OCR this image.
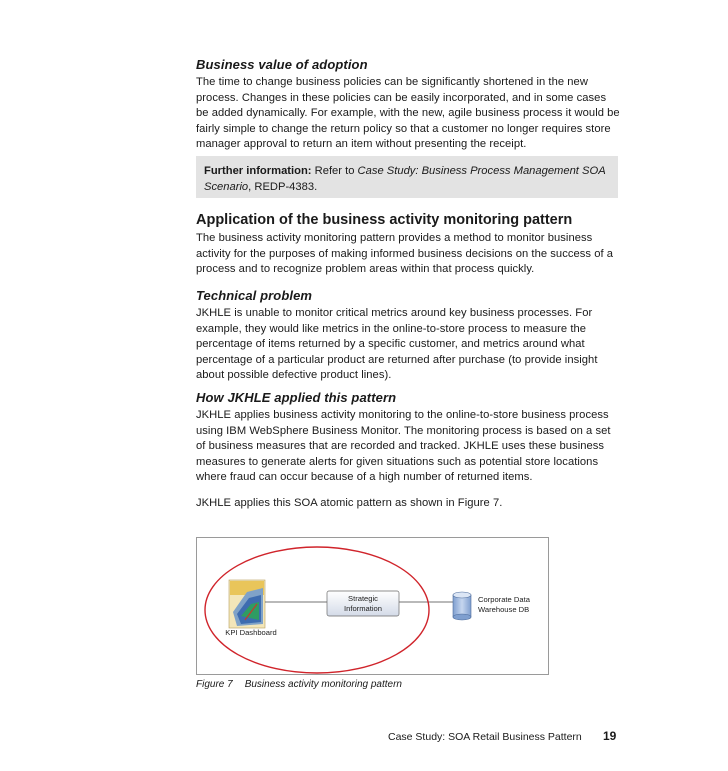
Business value of adoption

The time to change business policies can be significantly shortened in the new process. Changes in these policies can be easily incorporated, and in some cases be added dynamically. For example, with the new, agile business process it would be fairly simple to change the return policy so that a customer no longer requires store manager approval to return an item without presenting the receipt.

Further information: Refer to Case Study: Business Process Management SOA Scenario, REDP-4383.

Application of the business activity monitoring pattern

The business activity monitoring pattern provides a method to monitor business activity for the purposes of making informed business decisions on the success of a process and to recognize problem areas within that process quickly.

Technical problem

JKHLE is unable to monitor critical metrics around key business processes. For example, they would like metrics in the online-to-store process to measure the percentage of items returned by a specific customer, and metrics around what percentage of a particular product are returned after purchase (to provide insight about possible defective product lines).

How JKHLE applied this pattern

JKHLE applies business activity monitoring to the online-to-store business process using IBM WebSphere Business Monitor. The monitoring process is based on a set of business measures that are recorded and tracked. JKHLE uses these business measures to generate alerts for given situations such as potential store locations where fraud can occur because of a high number of returned items.

JKHLE applies this SOA atomic pattern as shown in Figure 7.

KPI Dashboard
Strategic
Information
Corporate Data
Warehouse DB
Figure 7 Business activity monitoring pattern
Case Study: SOA Retail Business Pattern 19
